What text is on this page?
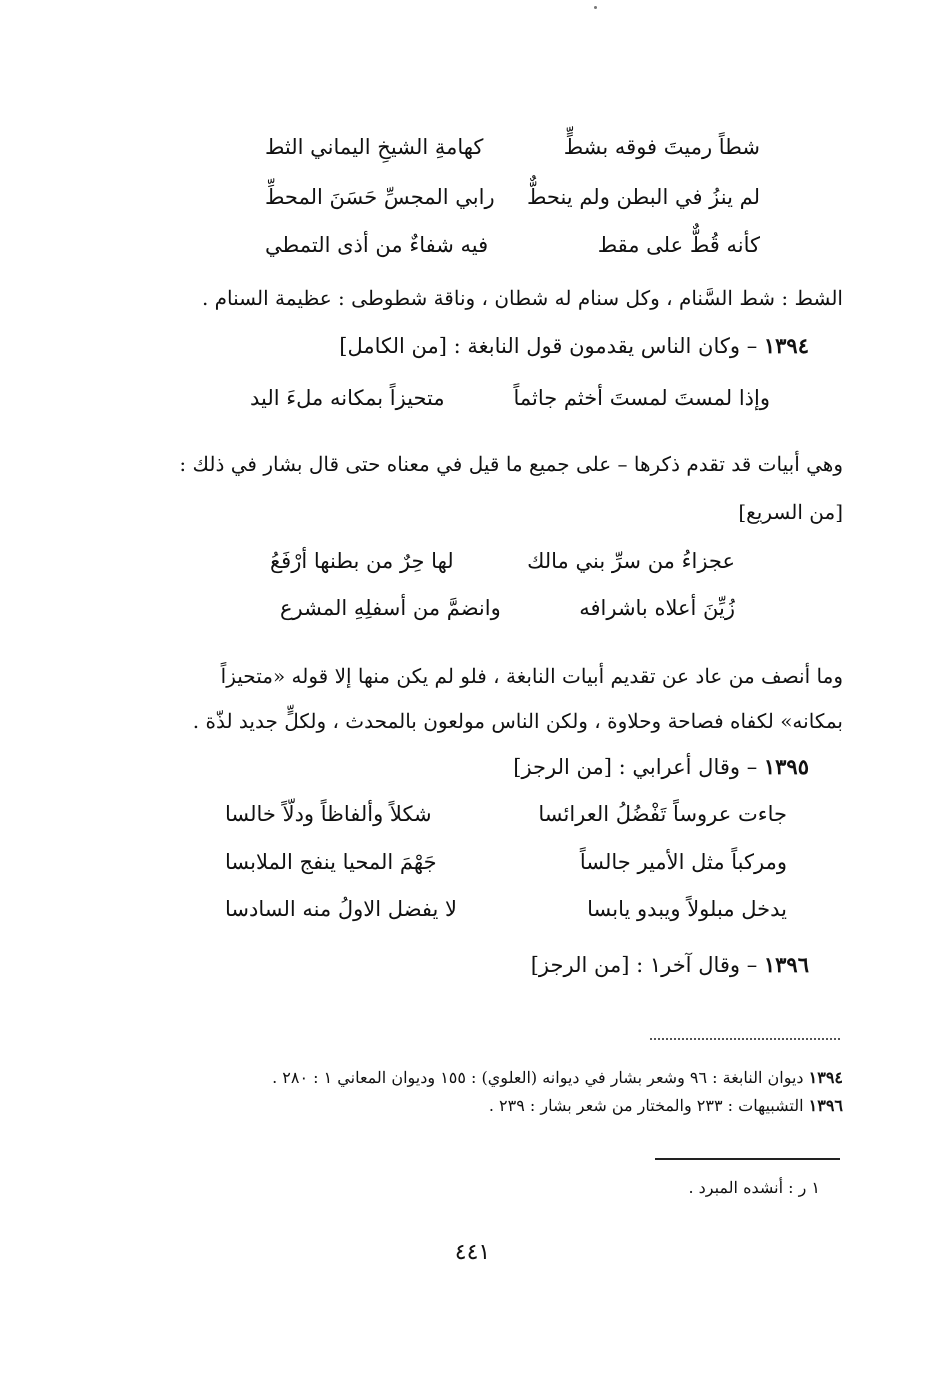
شطاً رميتَ فوقه بشطٍّ
كهامةِ الشيخِ اليماني الثط
لم ينزُ في البطن ولم ينحطٌّ
رابي المجسِّ حَسَنَ المحطِّ
كأنه قُطٌّ على مقط
فيه شفاءٌ من أذى التمطي
الشط : شط السَّنام ، وكل سنام له شطان ، وناقة شطوطى : عظيمة السنام .
١٣٩٤ – وكان الناس يقدمون قول النابغة : [من الكامل]
وإذا لمستَ لمستَ أخثم جاثماً
متحيزاً بمكانه ملءَ اليد
وهي أبيات قد تقدم ذكرها – على جميع ما قيل في معناه حتى قال بشار في ذلك :
[من السريع]
عجزاءُ من سرِّ بني مالك
لها حِرٌ من بطنها أرْفَعُ
زُيِّنَ أعلاه باشرافه
وانضمَّ من أسفلِهِ المشرع
وما أنصف من عاد عن تقديم أبيات النابغة ، فلو لم يكن منها إلا قوله «متحيزاً
بمكانه» لكفاه فصاحة وحلاوة ، ولكن الناس مولعون بالمحدث ، ولكلٍّ جديد لذّة .
١٣٩٥ – وقال أعرابي : [من الرجز]
جاءت عروساً تَفْضُلُ العرائسا
شكلاً وألفاظاً ودلّاً خالسا
ومركباً مثل الأمير جالساً
جَهْمَ المحيا ينفج الملابسا
يدخل مبلولاً ويبدو يابسا
لا يفضل الاولُ منه السادسا
١٣٩٦ – وقال آخر١ : [من الرجز]
١٣٩٤ ديوان النابغة : ٩٦ وشعر بشار في ديوانه (العلوي) : ١٥٥ وديوان المعاني ١ : ٢٨٠ .
١٣٩٦ التشبيهات : ٢٣٣ والمختار من شعر بشار : ٢٣٩ .
١ ر : أنشده المبرد .
٤٤١
